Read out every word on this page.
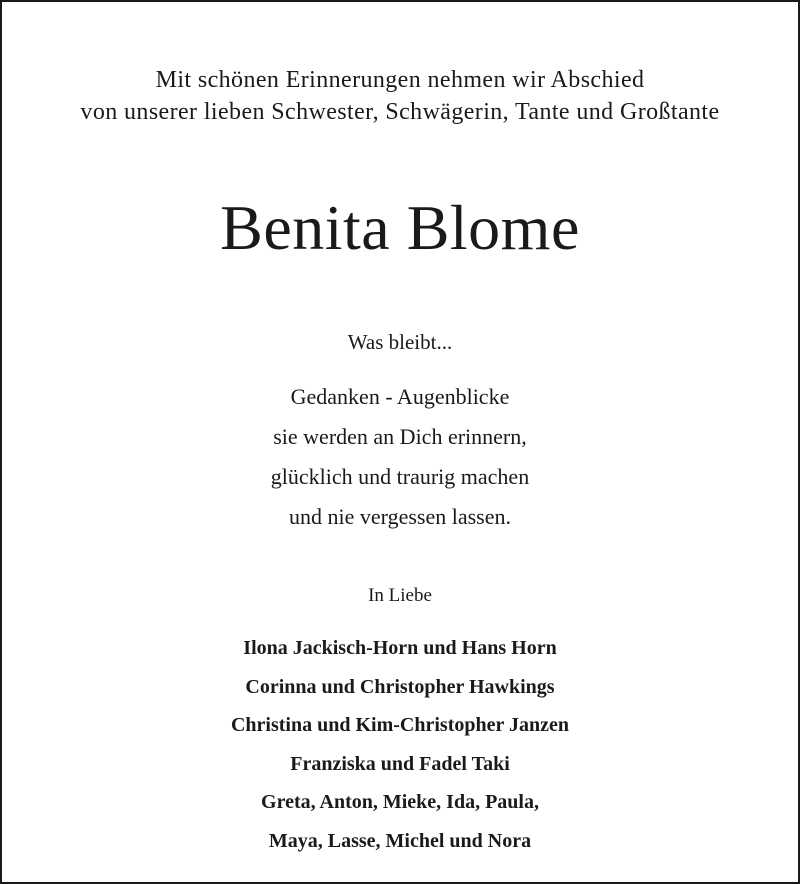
Mit schönen Erinnerungen nehmen wir Abschied
von unserer lieben Schwester, Schwägerin, Tante und Großtante
Benita Blome
Was bleibt...
Gedanken - Augenblicke
sie werden an Dich erinnern,
glücklich und traurig machen
und nie vergessen lassen.
In Liebe
Ilona Jackisch-Horn und Hans Horn
Corinna und Christopher Hawkings
Christina und Kim-Christopher Janzen
Franziska und Fadel Taki
Greta, Anton, Mieke, Ida, Paula,
Maya, Lasse, Michel und Nora
